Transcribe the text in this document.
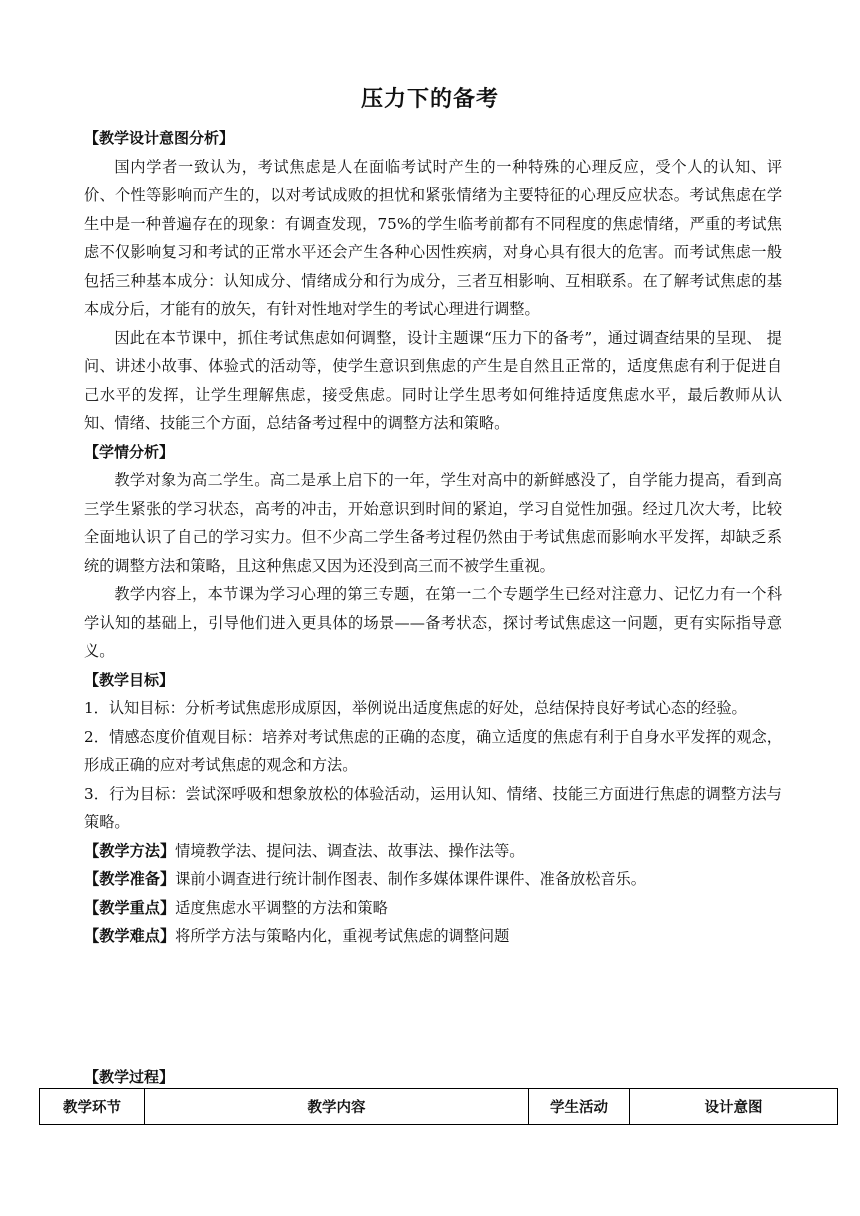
压力下的备考
【教学设计意图分析】

国内学者一致认为，考试焦虑是人在面临考试时产生的一种特殊的心理反应，受个人的认知、评价、个性等影响而产生的，以对考试成败的担忧和紧张情绪为主要特征的心理反应状态。考试焦虑在学生中是一种普遍存在的现象：有调查发现，75%的学生临考前都有不同程度的焦虑情绪，严重的考试焦虑不仅影响复习和考试的正常水平还会产生各种心因性疾病，对身心具有很大的危害。而考试焦虑一般包括三种基本成分：认知成分、情绪成分和行为成分，三者互相影响、互相联系。在了解考试焦虑的基本成分后，才能有的放矢，有针对性地对学生的考试心理进行调整。

因此在本节课中，抓住考试焦虑如何调整，设计主题课“压力下的备考”，通过调查结果的呈现、 提问、讲述小故事、体验式的活动等，使学生意识到焦虑的产生是自然且正常的，适度焦虑有利于促进自己水平的发挥，让学生理解焦虑，接受焦虑。同时让学生思考如何维持适度焦虑水平，最后教师从认知、情绪、技能三个方面，总结备考过程中的调整方法和策略。

【学情分析】

教学对象为高二学生。高二是承上启下的一年，学生对高中的新鲜感没了，自学能力提高，看到高三学生紧张的学习状态，高考的冲击，开始意识到时间的紧迫，学习自觉性加强。经过几次大考，比较全面地认识了自己的学习实力。但不少高二学生备考过程仍然由于考试焦虑而影响水平发挥，却缺乏系统的调整方法和策略，且这种焦虑又因为还没到高三而不被学生重视。

教学内容上，本节课为学习心理的第三专题，在第一二个专题学生已经对注意力、记忆力有一个科学认知的基础上，引导他们进入更具体的场景——备考状态，探讨考试焦虑这一问题，更有实际指导意义。

【教学目标】

1．认知目标：分析考试焦虑形成原因，举例说出适度焦虑的好处，总结保持良好考试心态的经验。

2．情感态度价值观目标：培养对考试焦虑的正确的态度，确立适度的焦虑有利于自身水平发挥的观念，形成正确的应对考试焦虑的观念和方法。

3．行为目标：尝试深呼吸和想象放松的体验活动，运用认知、情绪、技能三方面进行焦虑的调整方法与策略。

【教学方法】情境教学法、提问法、调查法、故事法、操作法等。

【教学准备】课前小调查进行统计制作图表、制作多媒体课件课件、准备放松音乐。

【教学重点】适度焦虑水平调整的方法和策略

【教学难点】将所学方法与策略内化，重视考试焦虑的调整问题

【教学过程】
教学环节	教学内容	学生活动	设计意图
